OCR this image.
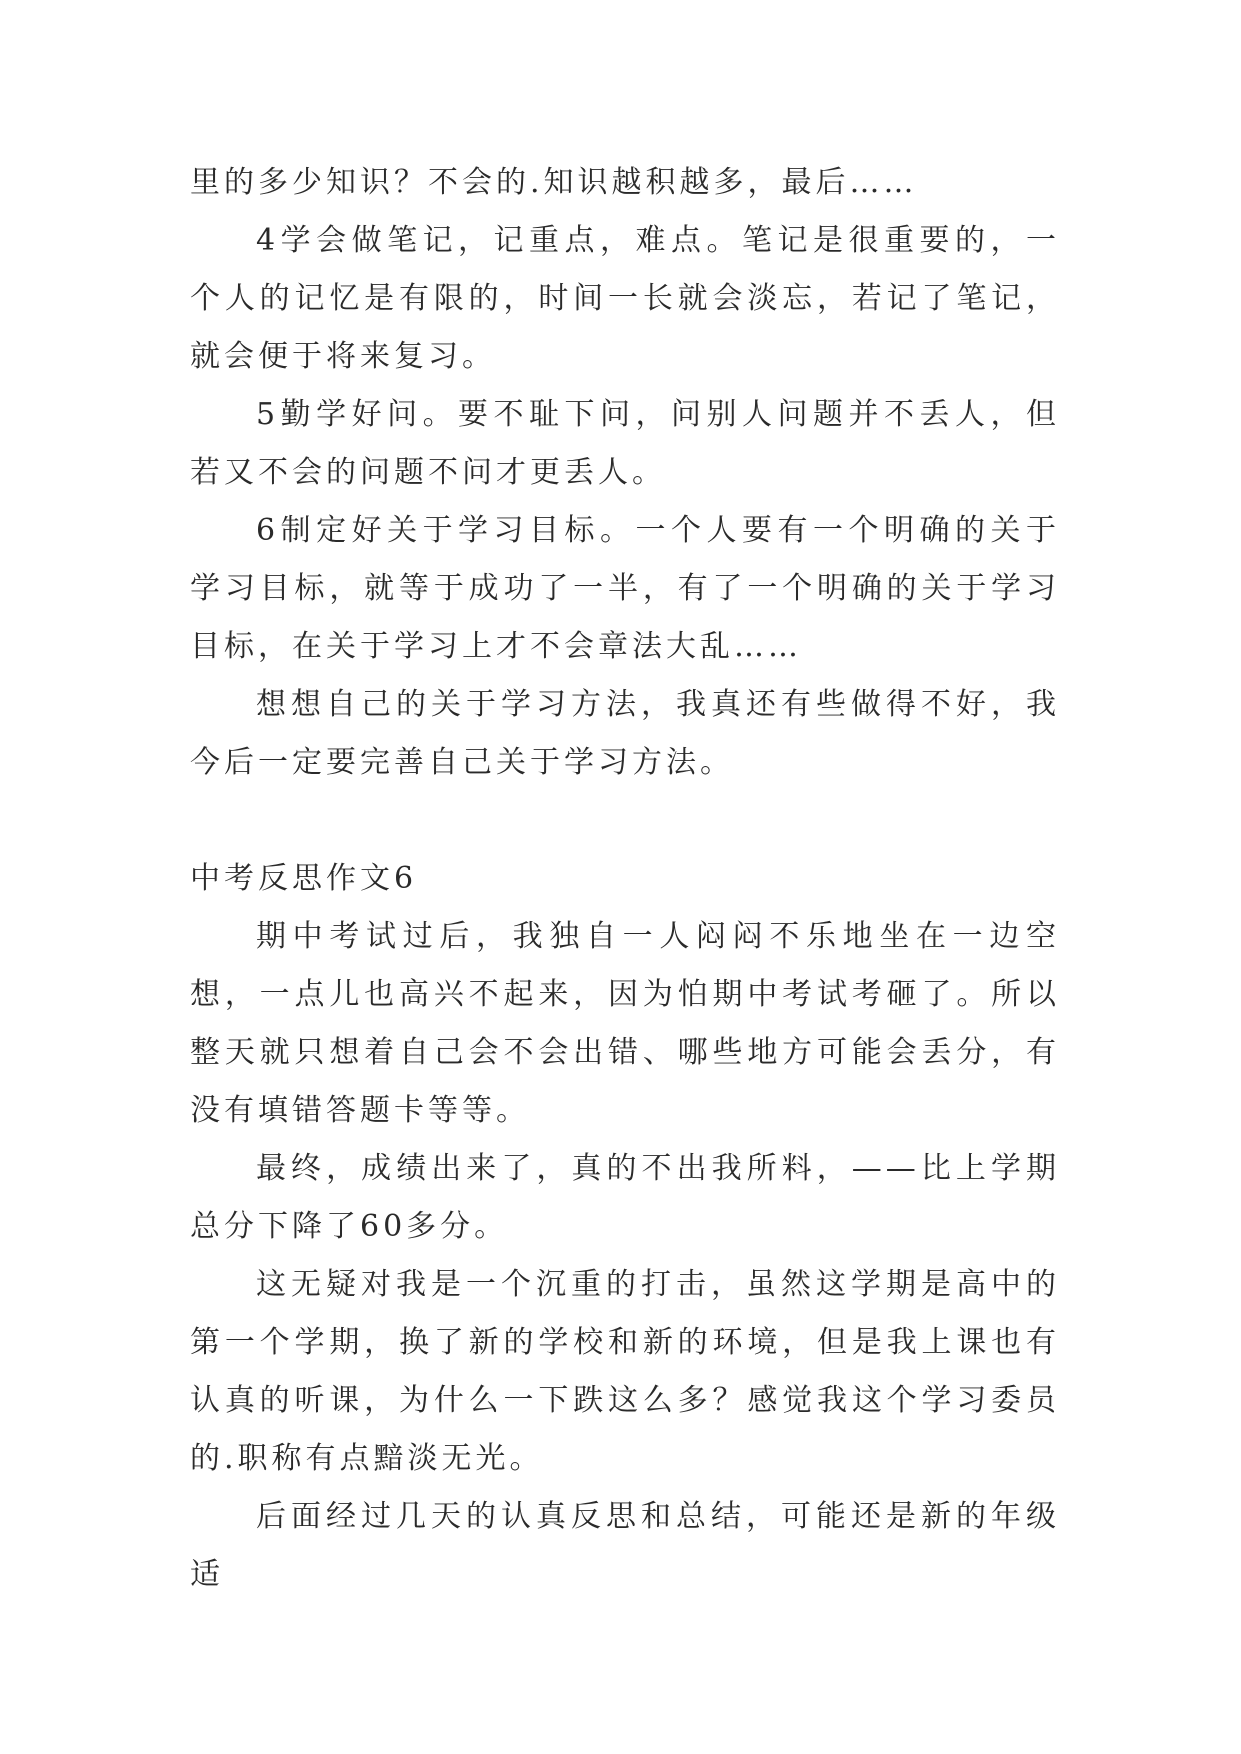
里的多少知识？不会的.知识越积越多，最后……

4学会做笔记，记重点，难点。笔记是很重要的，一个人的记忆是有限的，时间一长就会淡忘，若记了笔记，就会便于将来复习。

5勤学好问。要不耻下问，问别人问题并不丢人，但若又不会的问题不问才更丢人。

6制定好关于学习目标。一个人要有一个明确的关于学习目标，就等于成功了一半，有了一个明确的关于学习目标，在关于学习上才不会章法大乱……

想想自己的关于学习方法，我真还有些做得不好，我今后一定要完善自己关于学习方法。

中考反思作文6

期中考试过后，我独自一人闷闷不乐地坐在一边空想，一点儿也高兴不起来，因为怕期中考试考砸了。所以整天就只想着自己会不会出错、哪些地方可能会丢分，有没有填错答题卡等等。

最终，成绩出来了，真的不出我所料，——比上学期总分下降了60多分。

这无疑对我是一个沉重的打击，虽然这学期是高中的第一个学期，换了新的学校和新的环境，但是我上课也有认真的听课，为什么一下跌这么多？感觉我这个学习委员的.职称有点黯淡无光。

后面经过几天的认真反思和总结，可能还是新的年级适
